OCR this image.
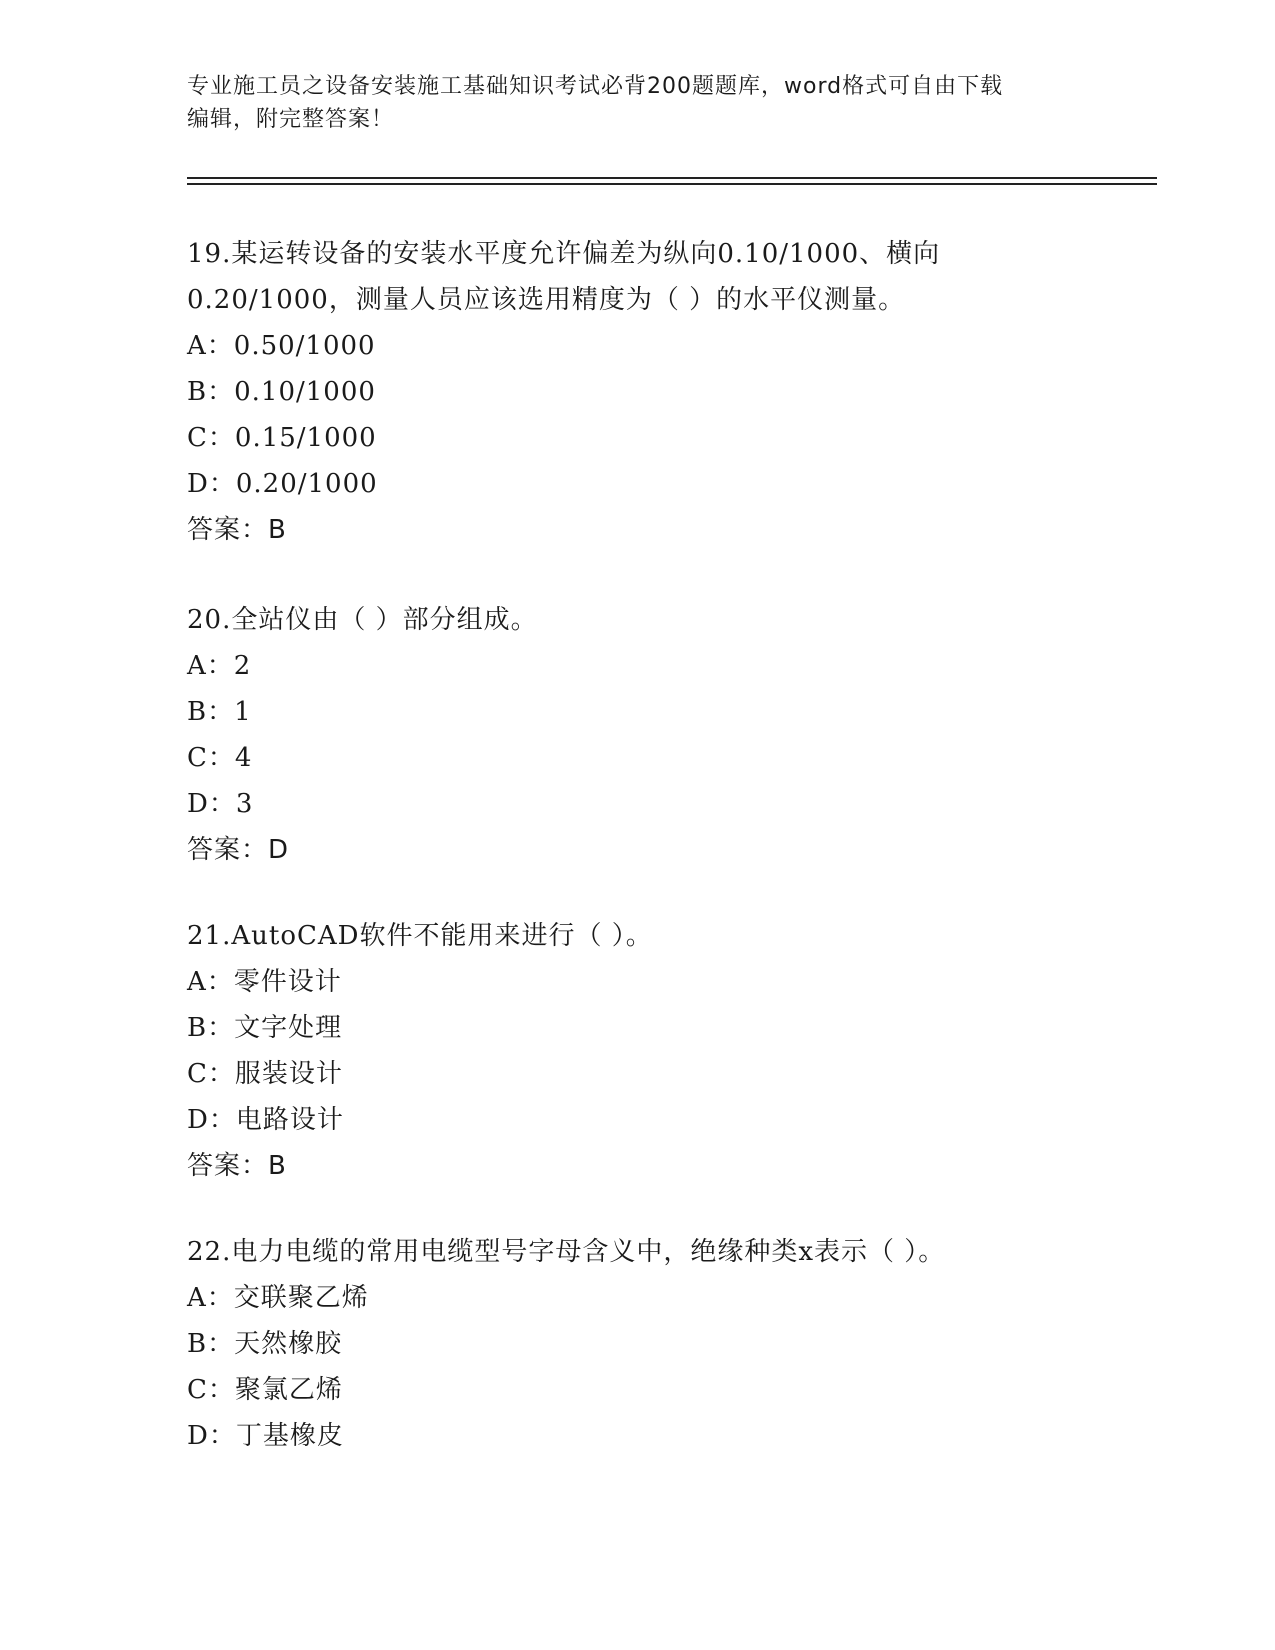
专业施工员之设备安装施工基础知识考试必背200题题库，word格式可自由下载
编辑，附完整答案！
19.某运转设备的安装水平度允许偏差为纵向0.10/1000、横向
0.20/1000，测量人员应该选用精度为（ ）的水平仪测量。
A：0.50/1000
B：0.10/1000
C：0.15/1000
D：0.20/1000
答案：B
20.全站仪由（ ）部分组成。
A：2
B：1
C：4
D：3
答案：D
21.AutoCAD软件不能用来进行（ ）。
A：零件设计
B：文字处理
C：服装设计
D：电路设计
答案：B
22.电力电缆的常用电缆型号字母含义中，绝缘种类x表示（ ）。
A：交联聚乙烯
B：天然橡胶
C：聚氯乙烯
D：丁基橡皮
